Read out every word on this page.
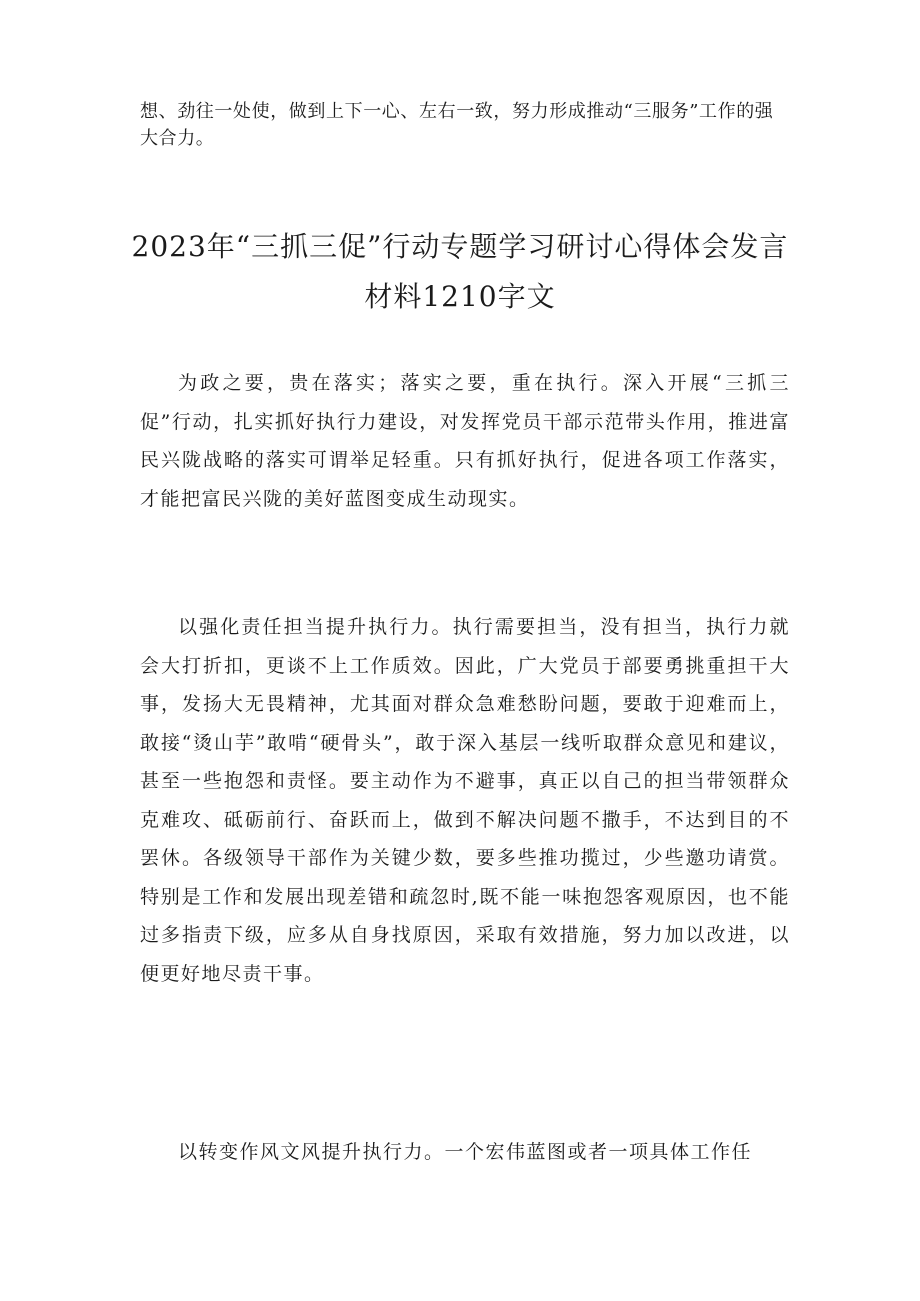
想、劲往一处使，做到上下一心、左右一致，努力形成推动“三服务”工作的强大合力。

2023年“三抓三促”行动专题学习研讨心得体会发言材料1210字文

为政之要，贵在落实；落实之要，重在执行。深入开展“三抓三促”行动，扎实抓好执行力建设，对发挥党员干部示范带头作用，推进富民兴陇战略的落实可谓举足轻重。只有抓好执行，促进各项工作落实，才能把富民兴陇的美好蓝图变成生动现实。

以强化责任担当提升执行力。执行需要担当，没有担当，执行力就会大打折扣，更谈不上工作质效。因此，广大党员于部要勇挑重担干大事，发扬大无畏精神，尤其面对群众急难愁盼问题，要敢于迎难而上，敢接“烫山芋”敢啃“硬骨头”，敢于深入基层一线听取群众意见和建议，甚至一些抱怨和责怪。要主动作为不避事，真正以自己的担当带领群众克难攻、砥砺前行、奋跃而上，做到不解决问题不撒手，不达到目的不罢休。各级领导干部作为关键少数，要多些推功揽过，少些邀功请赏。特别是工作和发展出现差错和疏忽时,既不能一味抱怨客观原因，也不能过多指责下级，应多从自身找原因，采取有效措施，努力加以改进，以便更好地尽责干事。

以转变作风文风提升执行力。一个宏伟蓝图或者一项具体工作任
